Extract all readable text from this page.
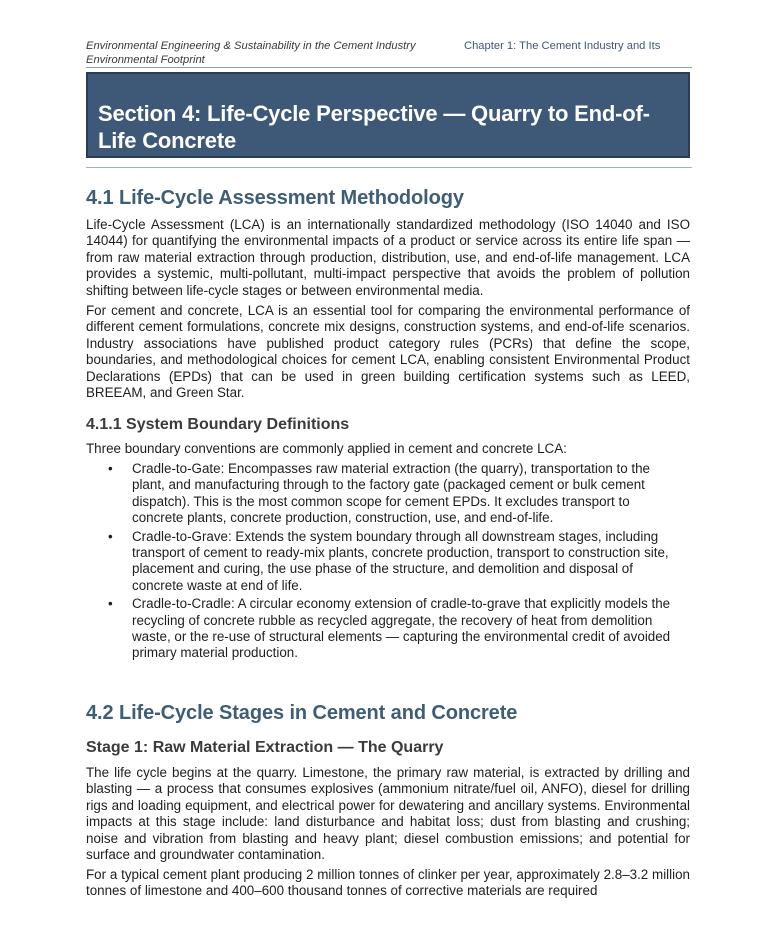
Environmental Engineering & Sustainability in the Cement Industry	Chapter 1: The Cement Industry and Its
Environmental Footprint
Section 4: Life-Cycle Perspective — Quarry to End-of-Life Concrete
4.1 Life-Cycle Assessment Methodology

Life-Cycle Assessment (LCA) is an internationally standardized methodology (ISO 14040 and ISO 14044) for quantifying the environmental impacts of a product or service across its entire life span — from raw material extraction through production, distribution, use, and end-of-life management. LCA provides a systemic, multi-pollutant, multi-impact perspective that avoids the problem of pollution shifting between life-cycle stages or between environmental media.

For cement and concrete, LCA is an essential tool for comparing the environmental performance of different cement formulations, concrete mix designs, construction systems, and end-of-life scenarios. Industry associations have published product category rules (PCRs) that define the scope, boundaries, and methodological choices for cement LCA, enabling consistent Environmental Product Declarations (EPDs) that can be used in green building certification systems such as LEED, BREEAM, and Green Star.

4.1.1 System Boundary Definitions

Three boundary conventions are commonly applied in cement and concrete LCA:

• Cradle-to-Gate: Encompasses raw material extraction (the quarry), transportation to the plant, and manufacturing through to the factory gate (packaged cement or bulk cement dispatch). This is the most common scope for cement EPDs. It excludes transport to concrete plants, concrete production, construction, use, and end-of-life.
• Cradle-to-Grave: Extends the system boundary through all downstream stages, including transport of cement to ready-mix plants, concrete production, transport to construction site, placement and curing, the use phase of the structure, and demolition and disposal of concrete waste at end of life.
• Cradle-to-Cradle: A circular economy extension of cradle-to-grave that explicitly models the recycling of concrete rubble as recycled aggregate, the recovery of heat from demolition waste, or the re-use of structural elements — capturing the environmental credit of avoided primary material production.
4.2 Life-Cycle Stages in Cement and Concrete
Stage 1: Raw Material Extraction — The Quarry

The life cycle begins at the quarry. Limestone, the primary raw material, is extracted by drilling and blasting — a process that consumes explosives (ammonium nitrate/fuel oil, ANFO), diesel for drilling rigs and loading equipment, and electrical power for dewatering and ancillary systems. Environmental impacts at this stage include: land disturbance and habitat loss; dust from blasting and crushing; noise and vibration from blasting and heavy plant; diesel combustion emissions; and potential for surface and groundwater contamination.

For a typical cement plant producing 2 million tonnes of clinker per year, approximately 2.8–3.2 million tonnes of limestone and 400–600 thousand tonnes of corrective materials are required
